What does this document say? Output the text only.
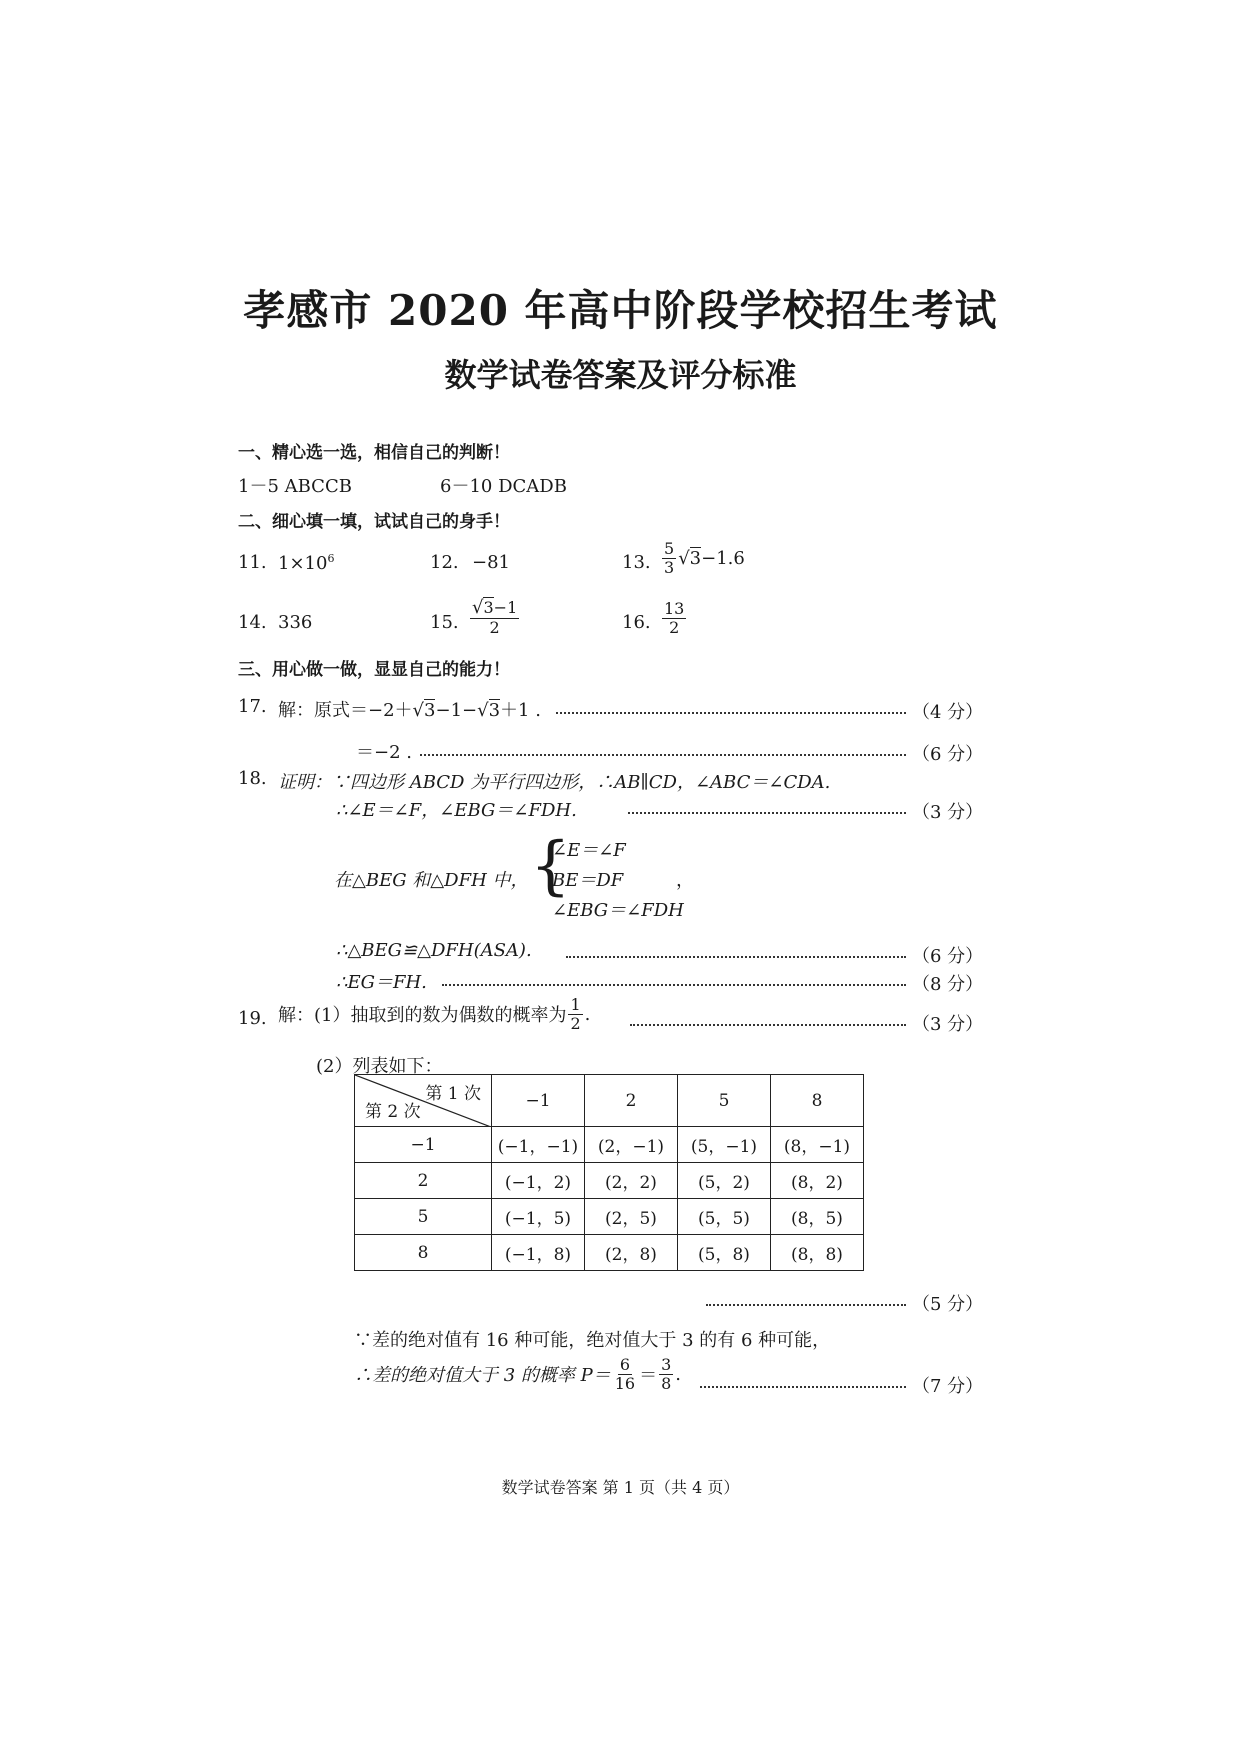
孝感市 2020 年高中阶段学校招生考试
数学试卷答案及评分标准
一、精心选一选，相信自己的判断！
1－5 ABCCB	6－10 DCADB
二、细心填一填，试试自己的身手！
11. $1\times 10^6$	12. −81	13. $\frac{5}{3}$ √ 3 −1.6
14. 336	15. $\frac{√3-1}{2}$	16. $\frac{13}{2}$
三、用心做一做，显显自己的能力！
17. 解：原式＝−2＋√3−1−√3＋1 .	（4 分）
＝−2 .	（6 分）
18. 证明：∵四边形 ABCD 为平行四边形，∴AB∥CD，∠ABC＝∠CDA.
∴∠E＝∠F，∠EBG＝∠FDH.	（3 分）
在△BEG 和△DFH 中， {
∠E＝∠F
BE＝DF
∠EBG＝∠FDH
，
∴△BEG≌△DFH(ASA).	（6 分）
∴EG＝FH.	（8 分）
19. 解：(1）抽取到的数为偶数的概率为 $\frac{1}{2}$ .	（3 分）
(2）列表如下：
第 1 次
第 2 次	−1	2	5	8
−1	(−1，−1)	(2，−1)	(5，−1)	(8，−1)
2	(−1，2)	(2，2)	(5，2)	(8，2)
5	(−1，5)	(2，5)	(5，5)	(8，5)
8	(−1，8)	(2，8)	(5，8)	(8，8)
（5 分）
∵差的绝对值有 16 种可能，绝对值大于 3 的有 6 种可能，
∴差的绝对值大于 3 的概率 $P= \frac{6}{16} = \frac{3}{8}$ .
（7 分）
数学试卷答案 第 1 页（共 4 页）
